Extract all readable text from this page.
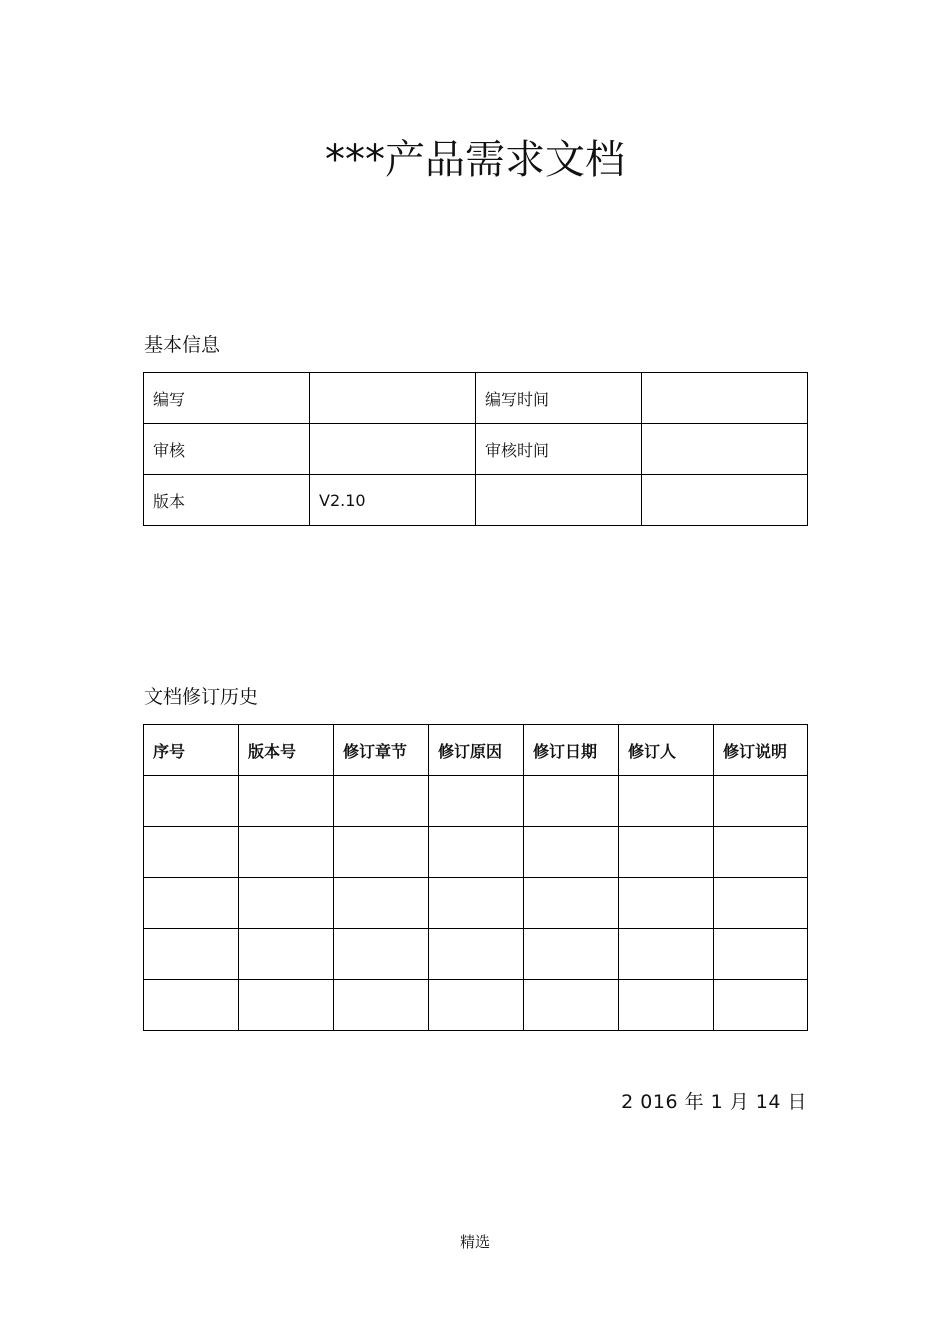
***产品需求文档

基本信息

编写		编写时间	
审核		审核时间	
版本	V2.10		

文档修订历史

序号	版本号	修订章节	修订原因	修订日期	修订人	修订说明

2 016 年 1 月 14 日

精选
